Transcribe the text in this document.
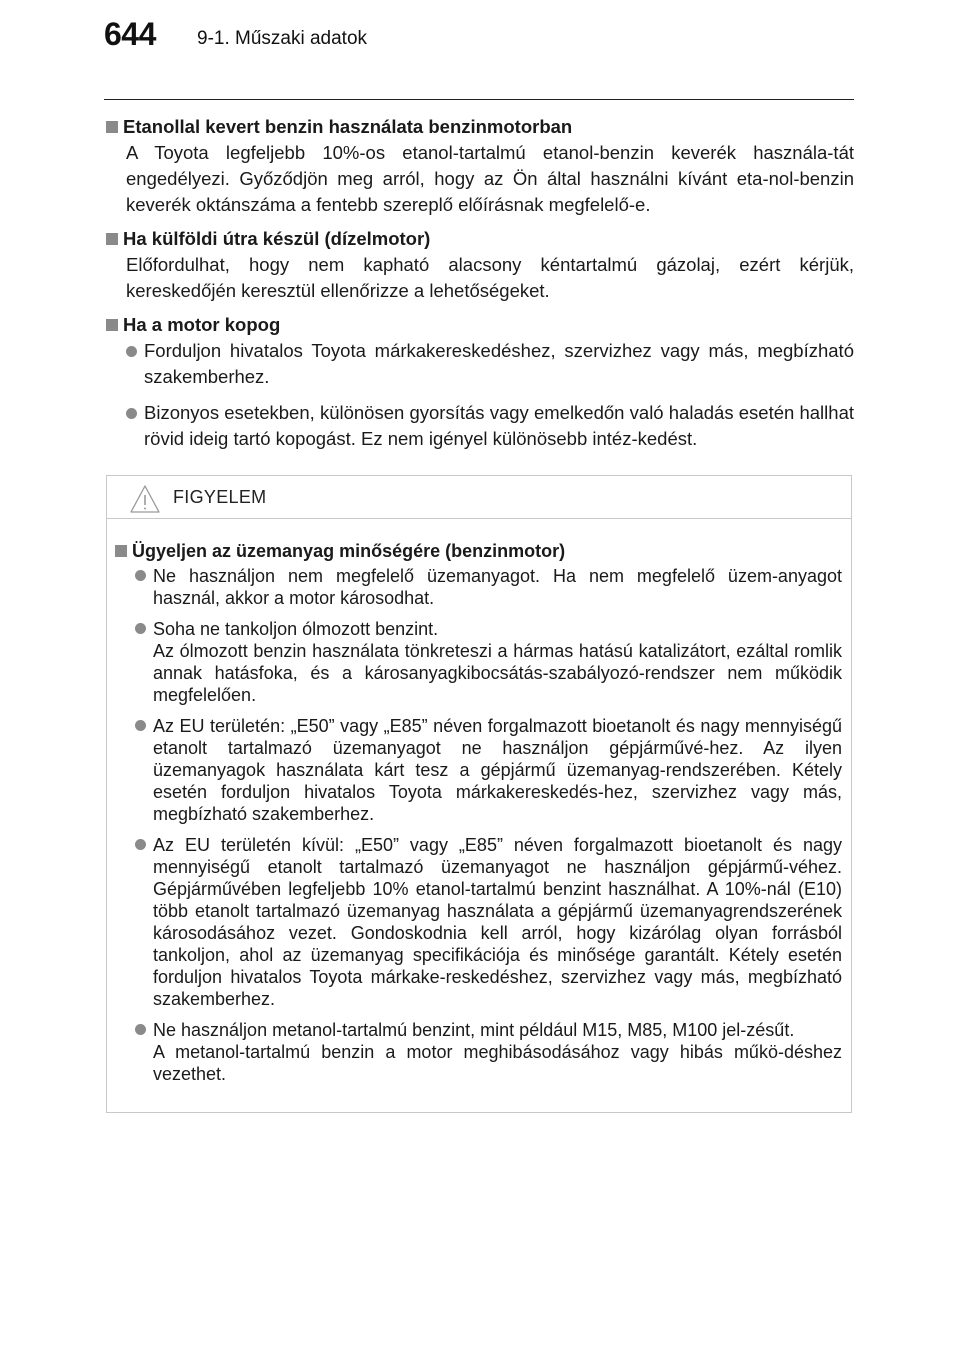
644 9-1. Műszaki adatok
Etanollal kevert benzin használata benzinmotorban
A Toyota legfeljebb 10%-os etanol-tartalmú etanol-benzin keverék használa-tát engedélyezi. Győződjön meg arról, hogy az Ön által használni kívánt eta-nol-benzin keverék oktánszáma a fentebb szereplő előírásnak megfelelő-e.
Ha külföldi útra készül (dízelmotor)
Előfordulhat, hogy nem kapható alacsony kéntartalmú gázolaj, ezért kérjük, kereskedőjén keresztül ellenőrizze a lehetőségeket.
Ha a motor kopog
Forduljon hivatalos Toyota márkakereskedéshez, szervizhez vagy más, megbízható szakemberhez.
Bizonyos esetekben, különösen gyorsítás vagy emelkedőn való haladás esetén hallhat rövid ideig tartó kopogást. Ez nem igényel különösebb intéz-kedést.
FIGYELEM
Ügyeljen az üzemanyag minőségére (benzinmotor)

Ne használjon nem megfelelő üzemanyagot. Ha nem megfelelő üzem-anyagot használ, akkor a motor károsodhat.

Soha ne tankoljon ólmozott benzint.

Az ólmozott benzin használata tönkreteszi a hármas hatású katalizátort, ezáltal romlik annak hatásfoka, és a károsanyagkibocsátás-szabályozó-rendszer nem működik megfelelően.

Az EU területén: „E50” vagy „E85” néven forgalmazott bioetanolt és nagy mennyiségű etanolt tartalmazó üzemanyagot ne használjon gépjárművé-hez. Az ilyen üzemanyagok használata kárt tesz a gépjármű üzemanyag-rendszerében. Kétely esetén forduljon hivatalos Toyota márkakereskedés-hez, szervizhez vagy más, megbízható szakemberhez.

Az EU területén kívül: „E50” vagy „E85” néven forgalmazott bioetanolt és nagy mennyiségű etanolt tartalmazó üzemanyagot ne használjon gépjármű-véhez. Gépjárművében legfeljebb 10% etanol-tartalmú benzint használhat. A 10%-nál (E10) több etanolt tartalmazó üzemanyag használata a gépjármű üzemanyagrendszerének károsodásához vezet. Gondoskodnia kell arról, hogy kizárólag olyan forrásból tankoljon, ahol az üzemanyag specifikációja és minősége garantált. Kétely esetén forduljon hivatalos Toyota márkake-reskedéshez, szervizhez vagy más, megbízható szakemberhez.

Ne használjon metanol-tartalmú benzint, mint például M15, M85, M100 jel-zésűt.

A metanol-tartalmú benzin a motor meghibásodásához vagy hibás műkö-déshez vezethet.
